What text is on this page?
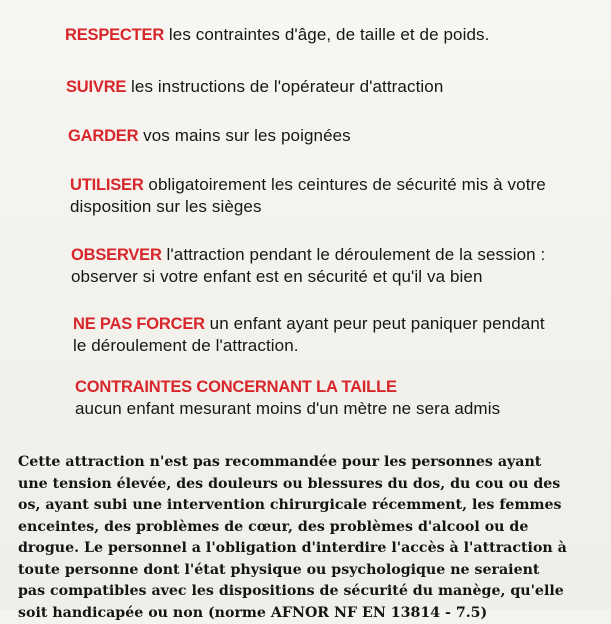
RESPECTER les contraintes d'âge, de taille et de poids.
SUIVRE les instructions de l'opérateur d'attraction
GARDER vos mains sur les poignées
UTILISER obligatoirement les ceintures de sécurité mis à votre
disposition sur les sièges
OBSERVER l'attraction pendant le déroulement de la session :
observer si votre enfant est en sécurité et qu'il va bien
NE PAS FORCER un enfant ayant peur peut paniquer pendant
le déroulement de l'attraction.
CONTRAINTES CONCERNANT LA TAILLE
aucun enfant mesurant moins d'un mètre ne sera admis
Cette attraction n'est pas recommandée pour les personnes ayant
une tension élevée, des douleurs ou blessures du dos, du cou ou des
os, ayant subi une intervention chirurgicale récemment, les femmes
enceintes, des problèmes de cœur, des problèmes d'alcool ou de
drogue. Le personnel a l'obligation d'interdire l'accès à l'attraction à
toute personne dont l'état physique ou psychologique ne seraient
pas compatibles avec les dispositions de sécurité du manège, qu'elle
soit handicapée ou non (norme AFNOR NF EN 13814 - 7.5)
